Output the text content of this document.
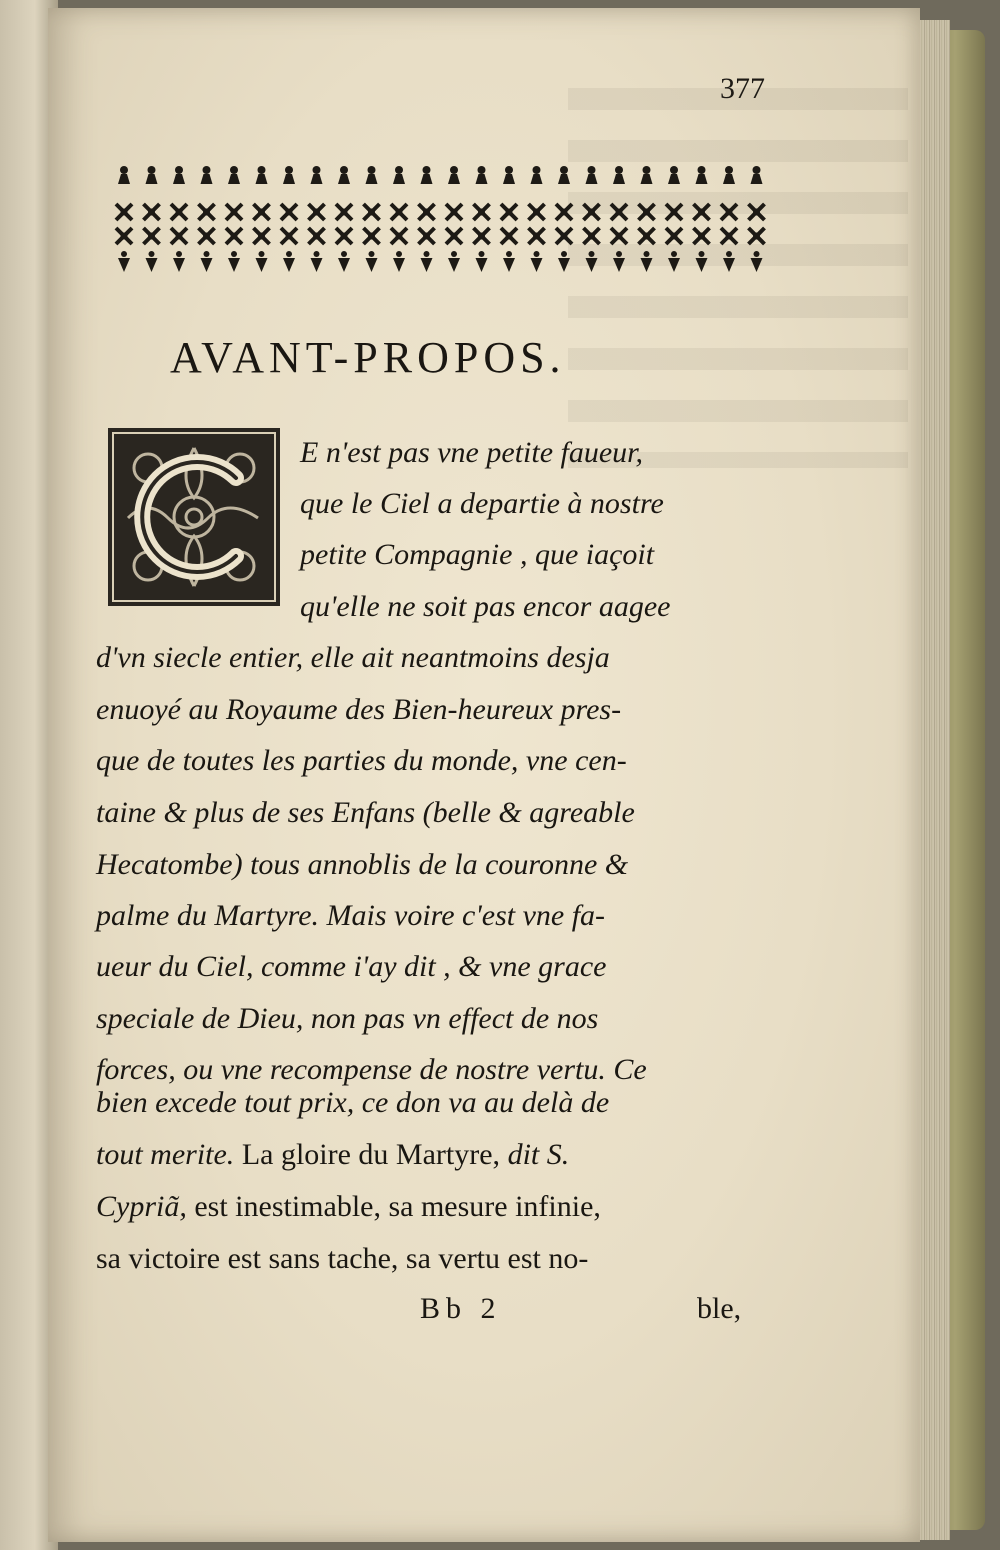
377
AVANT-PROPOS.
C
E n'est pas vne petite faueur,
que le Ciel a departie à nostre
petite Compagnie , que iaçoit
qu'elle ne soit pas encor aagee
d'vn siecle entier, elle ait neantmoins desja
enuoyé au Royaume des Bien-heureux pres-
que de toutes les parties du monde, vne cen-
taine & plus de ses Enfans (belle & agreable
Hecatombe) tous annoblis de la couronne &
palme du Martyre. Mais voire c'est vne fa-
ueur du Ciel, comme i'ay dit , & vne grace
speciale de Dieu, non pas vn effect de nos
forces, ou vne recompense de nostre vertu. Ce
bien excede tout prix, ce don va au delà de
tout merite. La gloire du Martyre, dit S.
Cypriã, est inestimable, sa mesure infinie,
sa victoire est sans tache, sa vertu est no-
Bb 2	ble,
